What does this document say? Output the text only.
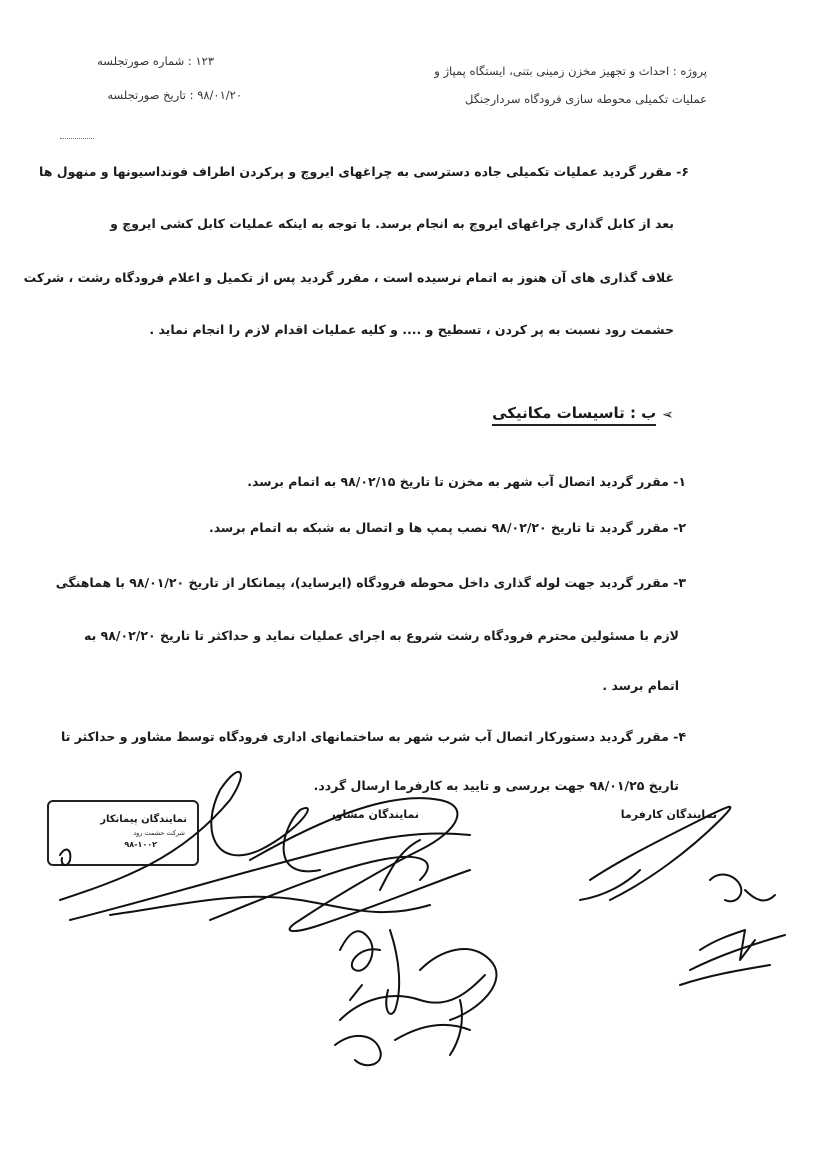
پروژه : احداث و تجهیز مخزن زمینی بتنی، ایستگاه پمپاژ و
عملیات تکمیلی محوطه سازی فرودگاه سردارجنگل
۱۲۳ : شماره صورتجلسه
۹۸/۰۱/۲۰ : تاریخ صورتجلسه
۶- مقرر گردید عملیات تکمیلی جاده دسترسی به چراغهای ایروچ و پرکردن اطراف فونداسیونها و منهول ها
بعد از کابل گذاری چراغهای ایروچ به انجام برسد. با توجه به اینکه عملیات کابل کشی ایروچ و
غلاف گذاری های آن هنوز به اتمام نرسیده است ، مقرر گردید پس از تکمیل و اعلام فرودگاه رشت ، شرکت
حشمت رود نسبت به پر کردن ، تسطیح و .... و کلیه عملیات اقدام لازم را انجام نماید .
➢
ب : تاسیسات مکانیکی
۱- مقرر گردید اتصال آب شهر به مخزن تا تاریخ ۹۸/۰۲/۱۵ به اتمام برسد.
۲- مقرر گردید تا تاریخ ۹۸/۰۲/۲۰ نصب پمپ ها و اتصال به شبکه به اتمام برسد.
۳- مقرر گردید جهت لوله گذاری داخل محوطه فرودگاه (ایرساید)، پیمانکار از تاریخ ۹۸/۰۱/۲۰ با هماهنگی
لازم با مسئولین محترم فرودگاه رشت شروع به اجرای عملیات نماید و حداکثر تا تاریخ ۹۸/۰۲/۲۰ به
اتمام برسد .
۴- مقرر گردید دستورکار اتصال آب شرب شهر به ساختمانهای اداری فرودگاه توسط مشاور و حداکثر تا
تاریخ ۹۸/۰۱/۲۵ جهت بررسی و تایید به کارفرما ارسال گردد.
نمایندگان کارفرما
نمایندگان مشاور
نمایندگان پیمانکار
شرکت حشمت رود
۹۸-۱۰۰۲
